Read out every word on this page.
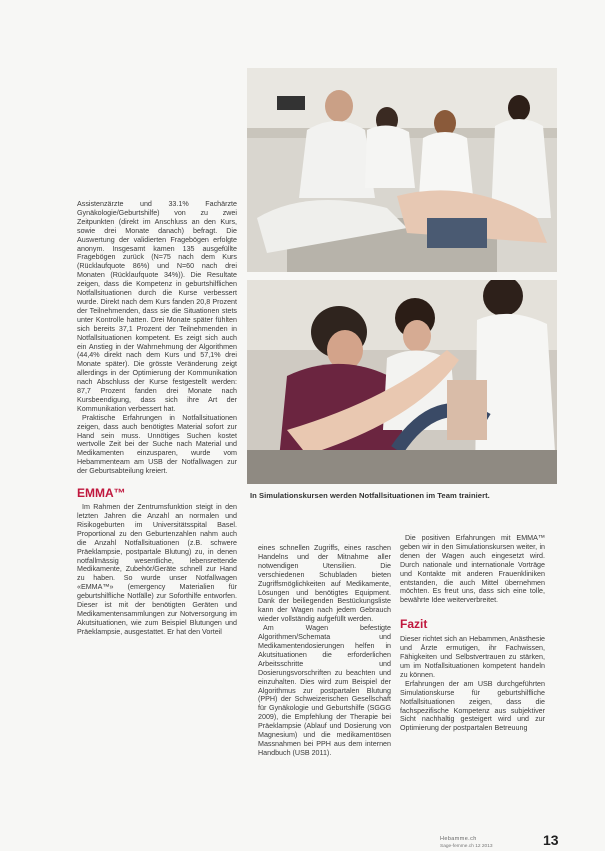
In Simulationskursen werden Notfallsituationen im Team trainiert.

Assistenzärzte und 33.1% Fachärzte Gynäkologie/Geburtshilfe) von zu zwei Zeitpunkten (direkt im Anschluss an den Kurs, sowie drei Monate danach) befragt. Die Auswertung der validierten Fragebögen erfolgte anonym. Insgesamt kamen 135 ausgefüllte Fragebögen zurück (N=75 nach dem Kurs (Rücklaufquote 86%) und N=60 nach drei Monaten (Rücklaufquote 34%)). Die Resultate zeigen, dass die Kompetenz in geburtshilflichen Notfallsituationen durch die Kurse verbessert wurde. Direkt nach dem Kurs fanden 20,8 Prozent der Teilnehmenden, dass sie die Situationen stets unter Kontrolle hatten. Drei Monate später fühlten sich bereits 37,1 Prozent der Teilnehmenden in Notfallsituationen kompetent. Es zeigt sich auch ein Anstieg in der Wahrnehmung der Algorithmen (44,4% direkt nach dem Kurs und 57,1% drei Monate später). Die grösste Veränderung zeigt allerdings in der Optimierung der Kommunikation nach Abschluss der Kurse festgestellt werden: 87,7 Prozent fanden drei Monate nach Kursbeendigung, dass sich ihre Art der Kommunikation verbessert hat.

Praktische Erfahrungen in Notfallsituationen zeigen, dass auch benötigtes Material sofort zur Hand sein muss. Unnötiges Suchen kostet wertvolle Zeit bei der Suche nach Material und Medikamenten einzusparen, wurde vom Hebammenteam am USB der Notfallwagen zur der Geburtsabteilung kreiert.

EMMA™

Im Rahmen der Zentrumsfunktion steigt in den letzten Jahren die Anzahl an normalen und Risikogeburten im Universitätsspital Basel. Proportional zu den Geburtenzahlen nahm auch die Anzahl Notfallsituationen (z.B. schwere Präeklampsie, postpartale Blutung) zu, in denen notfallmässig wesentliche, lebensrettende Medikamente, Zubehör/Geräte schnell zur Hand zu haben. So wurde unser Notfallwagen «EMMA™» (emergency Materialien für geburtshilfliche Notfälle) zur Soforthilfe entworfen. Dieser ist mit der benötigten Geräten und Medikamentensammlungen zur Notversorgung im Akutsituationen, wie zum Beispiel Blutungen und Präeklampsie, ausgestattet. Er hat den Vorteil

eines schnellen Zugriffs, eines raschen Handelns und der Mitnahme aller notwendigen Utensilien. Die verschiedenen Schubladen bieten Zugriffsmöglichkeiten auf Medikamente, Lösungen und benötigtes Equipment. Dank der beiliegenden Bestückungsliste kann der Wagen nach jedem Gebrauch wieder vollständig aufgefüllt werden.

Am Wagen befestigte Algorithmen/Schemata und Medikamentendosierungen helfen in Akutsituationen die erforderlichen Arbeitsschritte und Dosierungsvorschriften zu beachten und einzuhalten. Dies wird zum Beispiel der Algorithmus zur postpartalen Blutung (PPH) der Schweizerischen Gesellschaft für Gynäkologie und Geburtshilfe (SGGG 2009), die Empfehlung der Therapie bei Präeklampsie (Ablauf und Dosierung von Magnesium) und die medikamentösen Massnahmen bei PPH aus dem internen Handbuch (USB 2011).

Die positiven Erfahrungen mit EMMA™ geben wir in den Simulationskursen weiter, in denen der Wagen auch eingesetzt wird. Durch nationale und internationale Vorträge und Kontakte mit anderen Frauenkliniken entstanden, die auch Mittel übernehmen möchten. Es freut uns, dass sich eine tolle, bewährte Idee weiterverbreitet.

Fazit

Dieser richtet sich an Hebammen, Anästhesie und Ärzte ermutigen, ihr Fachwissen, Fähigkeiten und Selbstvertrauen zu stärken, um im Notfallsituationen kompetent handeln zu können.

Erfahrungen der am USB durchgeführten Simulationskurse für geburtshilfliche Notfallsituationen zeigen, dass die fachspezifische Kompetenz aus subjektiver Sicht nachhaltig gesteigert wird und zur Optimierung der postpartalen Betreuung

Hebamme.ch
Sage-femme.ch 12 2013	13
